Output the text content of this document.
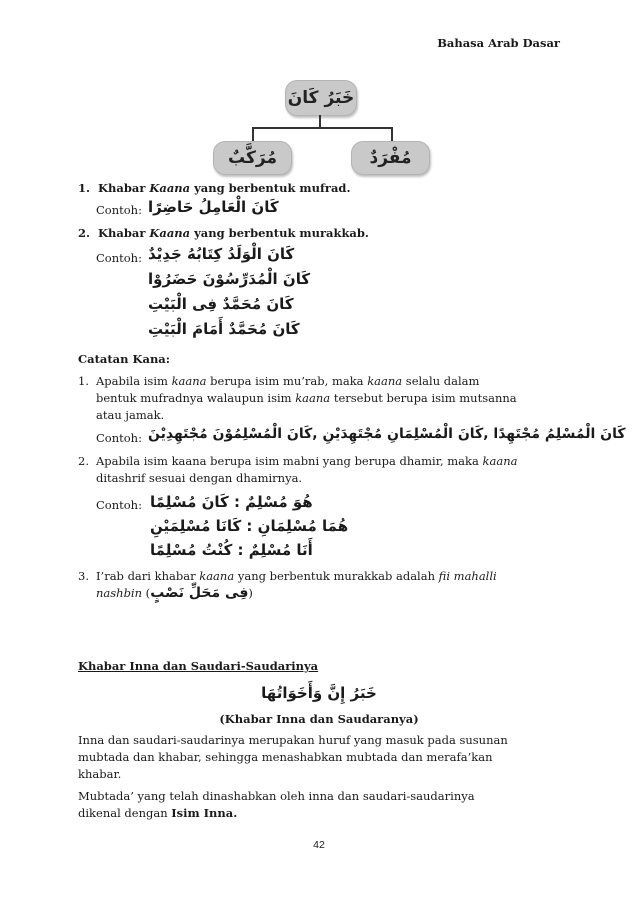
Bahasa Arab Dasar
خَبَرُ كَانَ
مُرَكَّبٌ	مُفْرَدٌ
1. Khabar Kaana yang berbentuk mufrad.
Contoh: كَانَ الْعَامِلُ حَاضِرًا
2. Khabar Kaana yang berbentuk murakkab.
Contoh: كَانَ الْوَلَدُ كِتَابُهُ جَدِيْدٌ
كَانَ الْمُدَرِّسُوْنَ حَضَرُوْا
كَانَ مُحَمَّدٌ فِى الْبَيْتِ
كَانَ مُحَمَّدٌ أَمَامَ الْبَيْتِ
Catatan Kana:
1. Apabila isim kaana berupa isim mu’rab, maka kaana selalu dalam
bentuk mufradnya walaupun isim kaana tersebut berupa isim mutsanna
atau jamak.
Contoh: كَانَ الْمُسْلِمُ مُجْتَهِدًا ,كَانَ الْمُسْلِمَانِ مُجْتَهِدَيْنِ ,كَانَ الْمُسْلِمُوْنَ مُجْتَهِدِيْنَ
2. Apabila isim kaana berupa isim mabni yang berupa dhamir, maka kaana
ditashrif sesuai dengan dhamirnya.
Contoh: هُوَ مُسْلِمٌ : كَانَ مُسْلِمًا
هُمَا مُسْلِمَانِ : كَانَا مُسْلِمَيْنِ
أَنَا مُسْلِمٌ : كُنْتُ مُسْلِمًا
3. I’rab dari khabar kaana yang berbentuk murakkab adalah fii mahalli
nashbin (فِى مَحَلِّ نَصْبٍ)
Khabar Inna dan Saudari-Saudarinya
خَبَرُ إِنَّ وَأَخَوَاتُهَا
(Khabar Inna dan Saudaranya)
Inna dan saudari-saudarinya merupakan huruf yang masuk pada susunan
mubtada dan khabar, sehingga menashabkan mubtada dan merafa’kan
khabar.
Mubtada’ yang telah dinashabkan oleh inna dan saudari-saudarinya
dikenal dengan Isim Inna.
42
